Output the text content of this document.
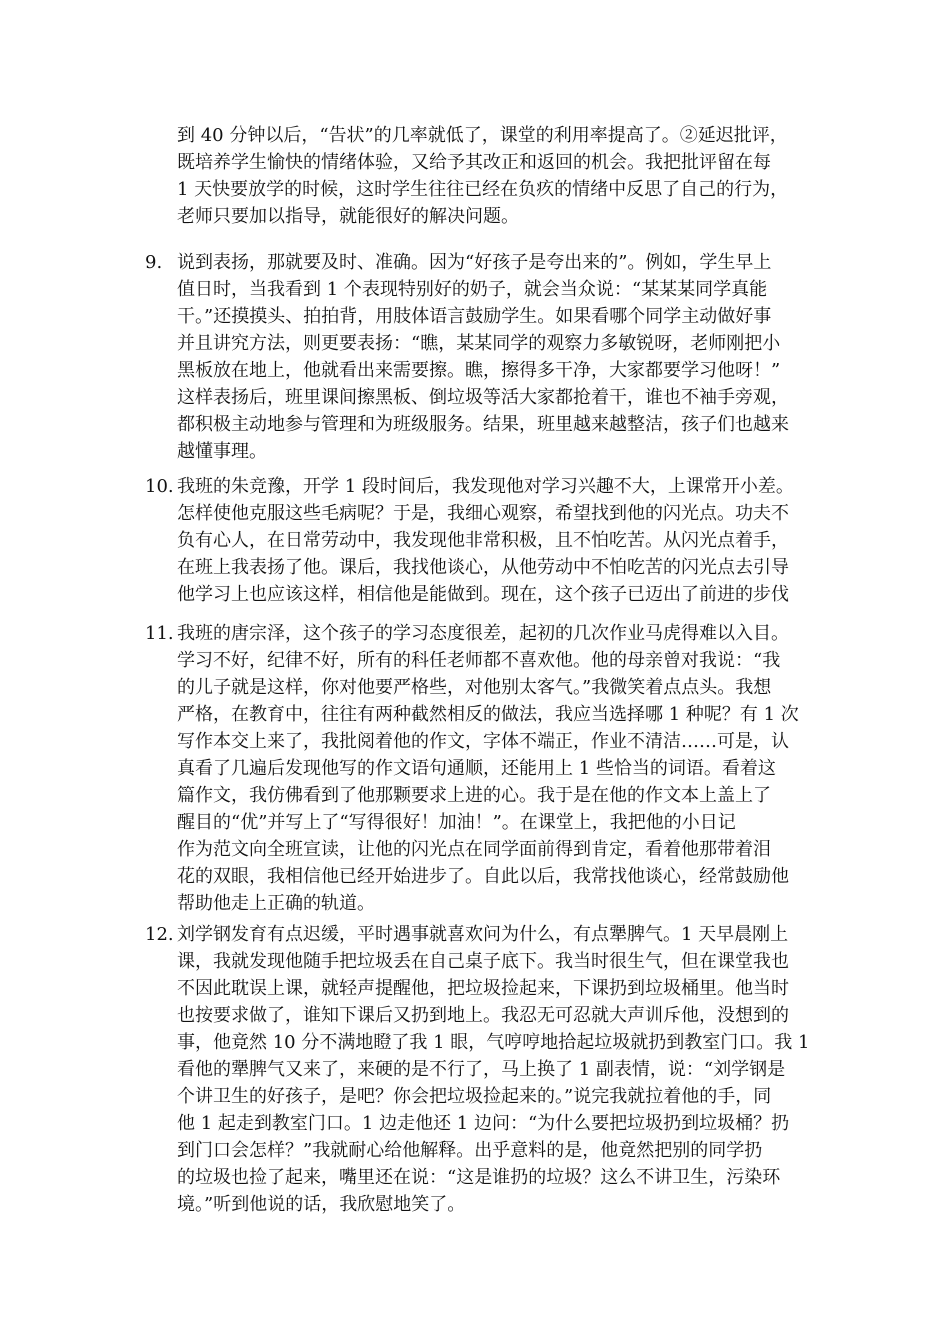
到 40 分钟以后，“告状”的几率就低了，课堂的利用率提高了。②延迟批评，
既培养学生愉快的情绪体验，又给予其改正和返回的机会。我把批评留在每
1 天快要放学的时候，这时学生往往已经在负疚的情绪中反思了自己的行为，
老师只要加以指导，就能很好的解决问题。
9. 说到表扬，那就要及时、准确。因为“好孩子是夸出来的”。例如，学生早上
值日时，当我看到 1 个表现特别好的奶子，就会当众说：“某某某同学真能
干。”还摸摸头、拍拍背，用肢体语言鼓励学生。如果看哪个同学主动做好事
并且讲究方法，则更要表扬：“瞧，某某同学的观察力多敏锐呀，老师刚把小
黑板放在地上，他就看出来需要擦。瞧，擦得多干净，大家都要学习他呀！”
这样表扬后，班里课间擦黑板、倒垃圾等活大家都抢着干，谁也不袖手旁观，
都积极主动地参与管理和为班级服务。结果，班里越来越整洁，孩子们也越来
越懂事理。
10. 我班的朱竞豫，开学 1 段时间后，我发现他对学习兴趣不大，上课常开小差。
怎样使他克服这些毛病呢？于是，我细心观察，希望找到他的闪光点。功夫不
负有心人，在日常劳动中，我发现他非常积极，且不怕吃苦。从闪光点着手，
在班上我表扬了他。课后，我找他谈心，从他劳动中不怕吃苦的闪光点去引导
他学习上也应该这样，相信他是能做到。现在，这个孩子已迈出了前进的步伐
11. 我班的唐宗泽，这个孩子的学习态度很差，起初的几次作业马虎得难以入目。
学习不好，纪律不好，所有的科任老师都不喜欢他。他的母亲曾对我说：“我
的儿子就是这样，你对他要严格些，对他别太客气。”我微笑着点点头。我想
严格，在教育中，往往有两种截然相反的做法，我应当选择哪 1 种呢？有 1 次
写作本交上来了，我批阅着他的作文，字体不端正，作业不清洁……可是，认
真看了几遍后发现他写的作文语句通顺，还能用上 1 些恰当的词语。看着这
篇作文，我仿佛看到了他那颗要求上进的心。我于是在他的作文本上盖上了
醒目的“优”并写上了“写得很好！加油！”。在课堂上，我把他的小日记
作为范文向全班宣读，让他的闪光点在同学面前得到肯定，看着他那带着泪
花的双眼，我相信他已经开始进步了。自此以后，我常找他谈心，经常鼓励他
帮助他走上正确的轨道。
12. 刘学钢发育有点迟缓，平时遇事就喜欢问为什么，有点犟脾气。1 天早晨刚上
课，我就发现他随手把垃圾丢在自己桌子底下。我当时很生气，但在课堂我也
不因此耽误上课，就轻声提醒他，把垃圾捡起来，下课扔到垃圾桶里。他当时
也按要求做了，谁知下课后又扔到地上。我忍无可忍就大声训斥他，没想到的
事，他竟然 10 分不满地瞪了我 1 眼，气哼哼地拾起垃圾就扔到教室门口。我 1
看他的犟脾气又来了，来硬的是不行了，马上换了 1 副表情，说：“刘学钢是
个讲卫生的好孩子，是吧？你会把垃圾捡起来的。”说完我就拉着他的手，同
他 1 起走到教室门口。1 边走他还 1 边问：“为什么要把垃圾扔到垃圾桶？扔
到门口会怎样？”我就耐心给他解释。出乎意料的是，他竟然把别的同学扔
的垃圾也捡了起来，嘴里还在说：“这是谁扔的垃圾？这么不讲卫生，污染环
境。”听到他说的话，我欣慰地笑了。
